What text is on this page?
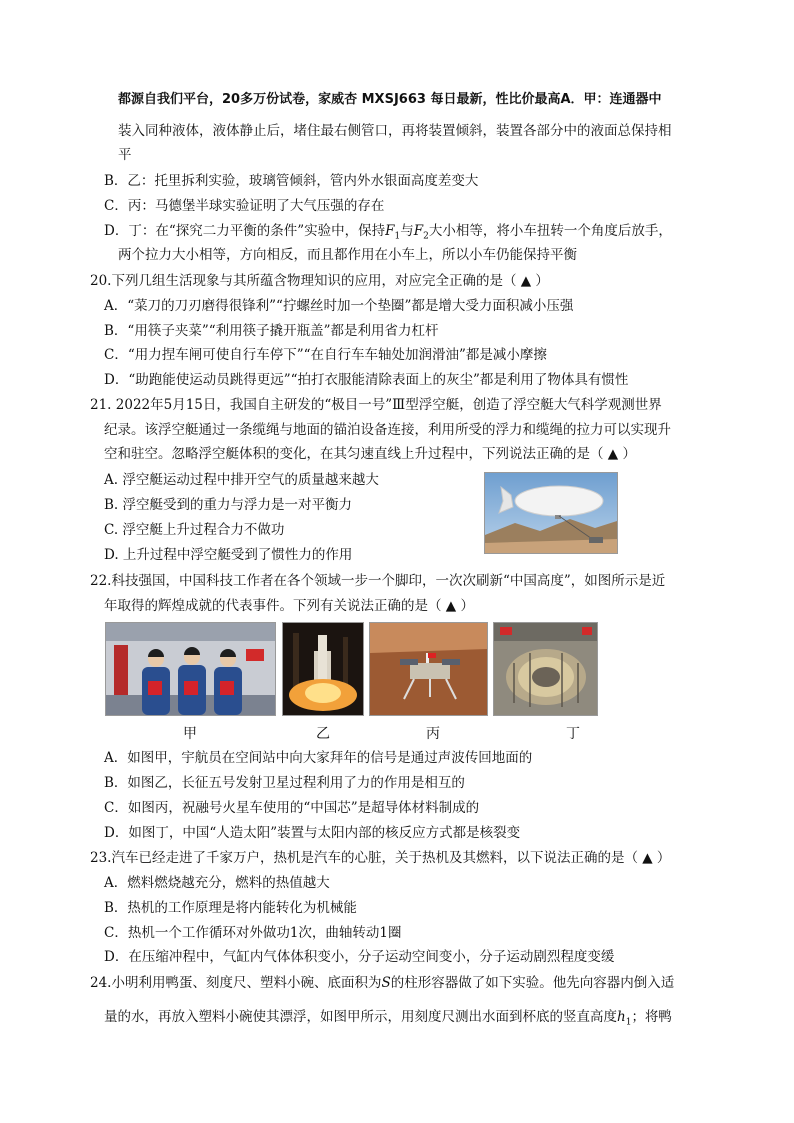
都源自我们平台，20多万份试卷，家威杏 MXSJ663 每日最新，性比价最高A．甲：连通器中
装入同种液体，液体静止后，堵住最右侧管口，再将装置倾斜，装置各部分中的液面总保持相
平
B．乙：托里拆利实验，玻璃管倾斜，管内外水银面高度差变大
C．丙：马德堡半球实验证明了大气压强的存在
D．丁：在“探究二力平衡的条件”实验中，保持$F_1$与$F_2$大小相等，将小车扭转一个角度后放手，
两个拉力大小相等，方向相反，而且都作用在小车上，所以小车仍能保持平衡
20.下列几组生活现象与其所蕴含物理知识的应用，对应完全正确的是（ ▲ ）
A．“菜刀的刀刃磨得很锋利”“拧螺丝时加一个垫圈”都是增大受力面积减小压强
B．“用筷子夹菜”“利用筷子撬开瓶盖”都是利用省力杠杆
C．“用力捏车闸可使自行车停下”“在自行车车轴处加润滑油”都是减小摩擦
D．“助跑能使运动员跳得更远”“拍打衣服能清除表面上的灰尘”都是利用了物体具有惯性
21. 2022年5月15日，我国自主研发的“极目一号”Ⅲ型浮空艇，创造了浮空艇大气科学观测世界
纪录。该浮空艇通过一条缆绳与地面的锚泊设备连接，利用所受的浮力和缆绳的拉力可以实现升
空和驻空。忽略浮空艇体积的变化，在其匀速直线上升过程中，下列说法正确的是（ ▲ ）
A. 浮空艇运动过程中排开空气的质量越来越大
B. 浮空艇受到的重力与浮力是一对平衡力
C. 浮空艇上升过程合力不做功
D. 上升过程中浮空艇受到了惯性力的作用
22.科技强国，中国科技工作者在各个领域一步一个脚印，一次次刷新“中国高度”，如图所示是近
年取得的辉煌成就的代表事件。下列有关说法正确的是（ ▲ ）
甲	乙	丙	丁
A．如图甲，宇航员在空间站中向大家拜年的信号是通过声波传回地面的
B．如图乙，长征五号发射卫星过程利用了力的作用是相互的
C．如图丙，祝融号火星车使用的“中国芯”是超导体材料制成的
D．如图丁，中国“人造太阳”装置与太阳内部的核反应方式都是核裂变
23.汽车已经走进了千家万户，热机是汽车的心脏，关于热机及其燃料，以下说法正确的是（ ▲ ）
A．燃料燃烧越充分，燃料的热值越大
B．热机的工作原理是将内能转化为机械能
C．热机一个工作循环对外做功1次，曲轴转动1圈
D．在压缩冲程中，气缸内气体体积变小，分子运动空间变小，分子运动剧烈程度变缓
24.小明利用鸭蛋、刻度尺、塑料小碗、底面积为S的柱形容器做了如下实验。他先向容器内倒入适
量的水，再放入塑料小碗使其漂浮，如图甲所示，用刻度尺测出水面到杯底的竖直高度$h_1$；将鸭
